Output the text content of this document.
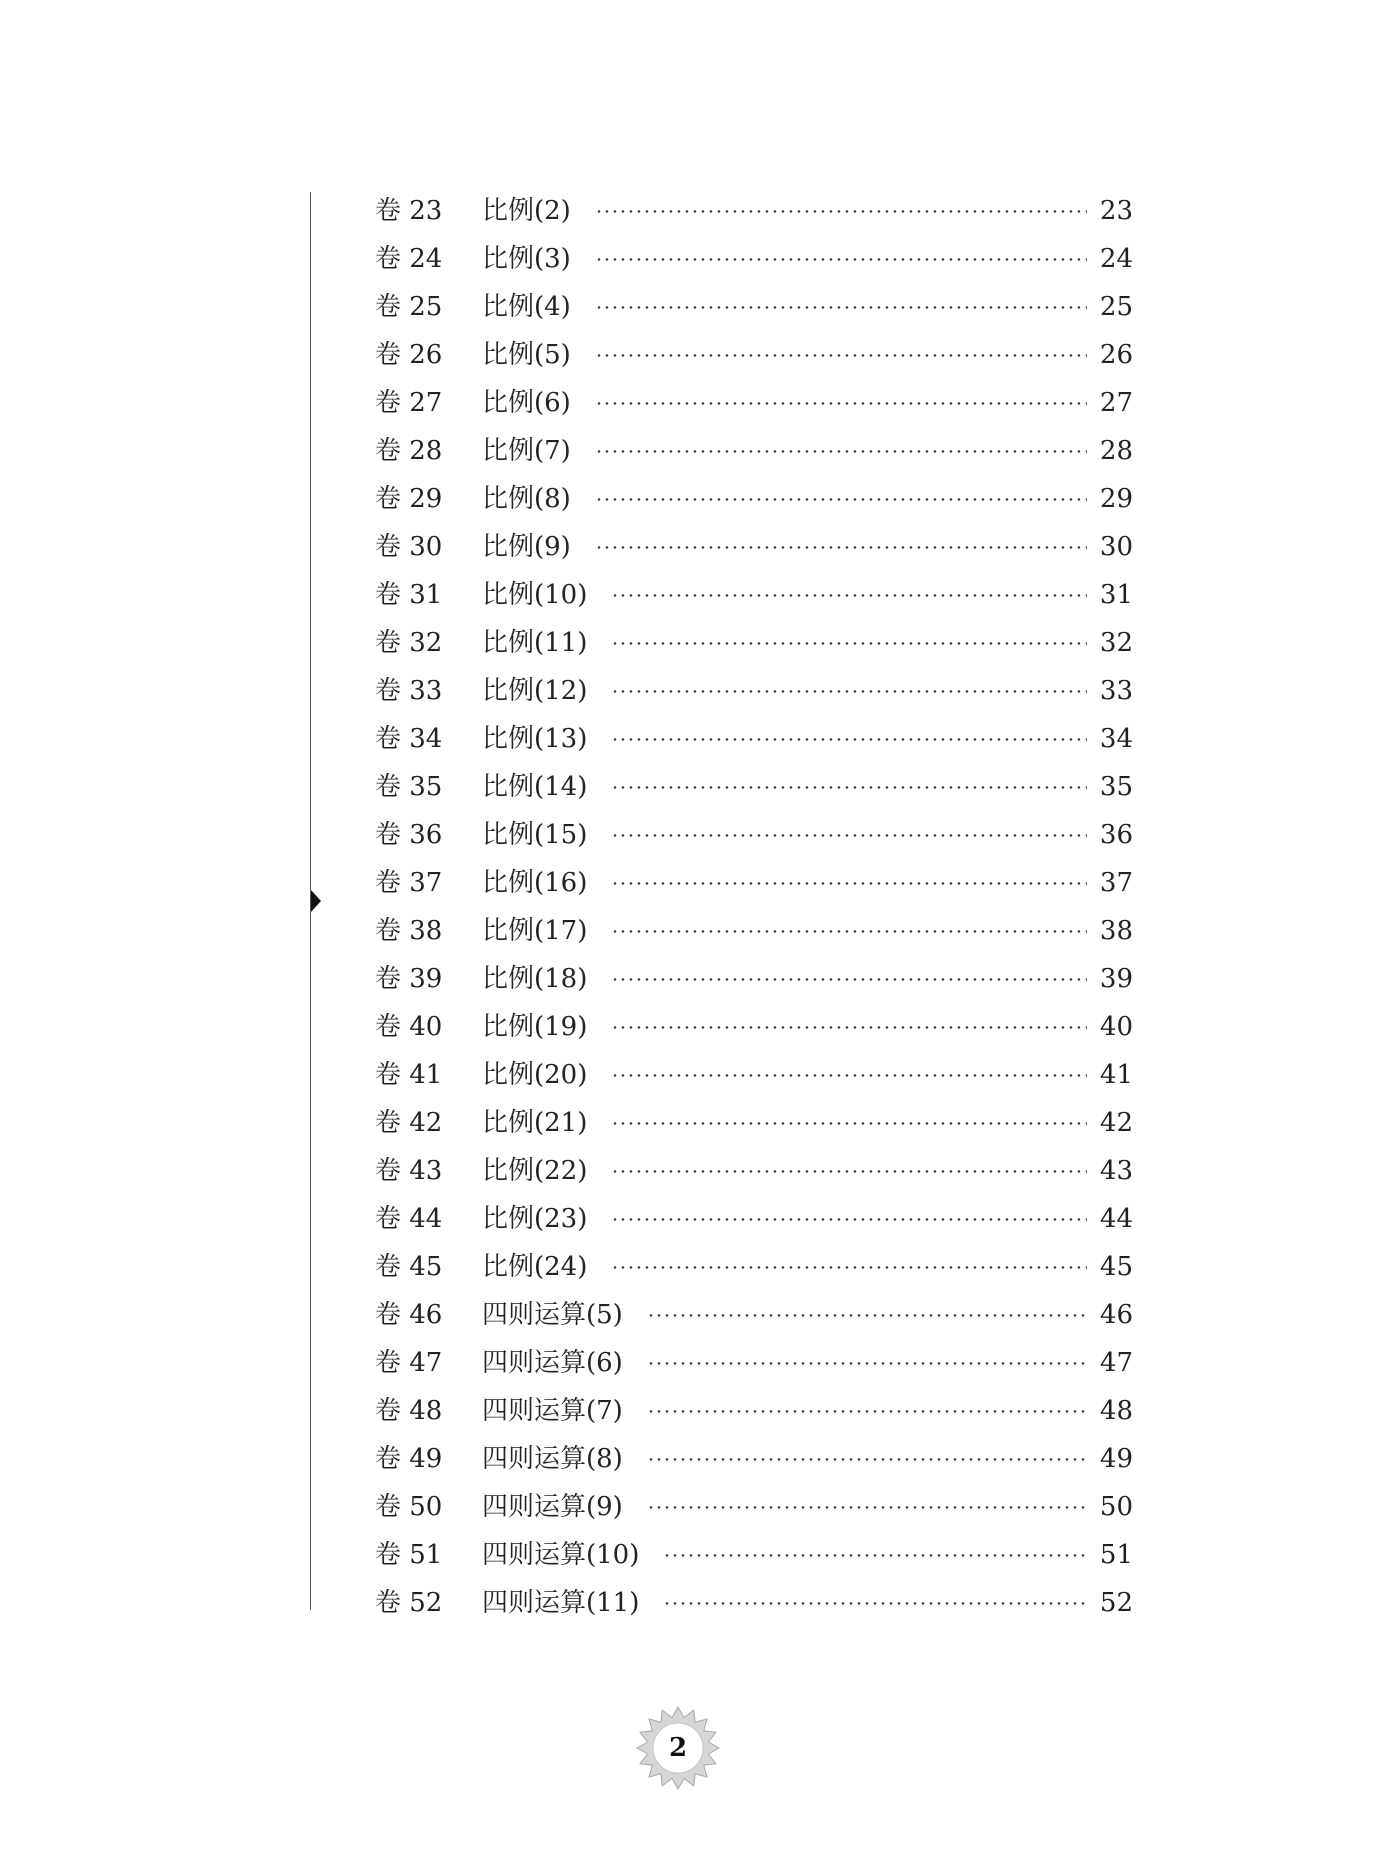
卷 23	比例(2)	23
卷 24	比例(3)	24
卷 25	比例(4)	25
卷 26	比例(5)	26
卷 27	比例(6)	27
卷 28	比例(7)	28
卷 29	比例(8)	29
卷 30	比例(9)	30
卷 31	比例(10)	31
卷 32	比例(11)	32
卷 33	比例(12)	33
卷 34	比例(13)	34
卷 35	比例(14)	35
卷 36	比例(15)	36
卷 37	比例(16)	37
卷 38	比例(17)	38
卷 39	比例(18)	39
卷 40	比例(19)	40
卷 41	比例(20)	41
卷 42	比例(21)	42
卷 43	比例(22)	43
卷 44	比例(23)	44
卷 45	比例(24)	45
卷 46	四则运算(5)	46
卷 47	四则运算(6)	47
卷 48	四则运算(7)	48
卷 49	四则运算(8)	49
卷 50	四则运算(9)	50
卷 51	四则运算(10)	51
卷 52	四则运算(11)	52
2
